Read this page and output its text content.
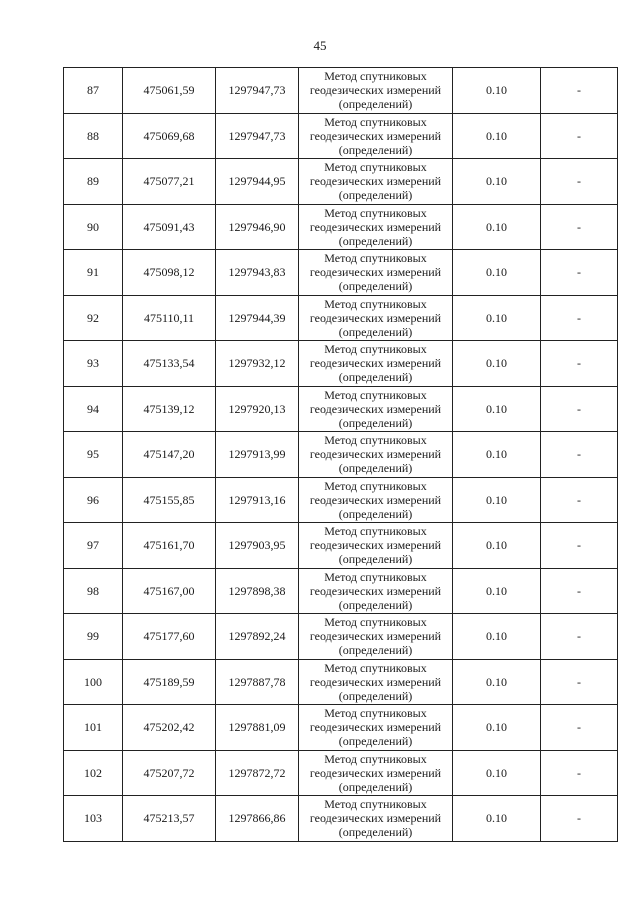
45
87	475061,59	1297947,73	Метод спутниковых
геодезических измерений
(определений)	0.10	-
88	475069,68	1297947,73	Метод спутниковых
геодезических измерений
(определений)	0.10	-
89	475077,21	1297944,95	Метод спутниковых
геодезических измерений
(определений)	0.10	-
90	475091,43	1297946,90	Метод спутниковых
геодезических измерений
(определений)	0.10	-
91	475098,12	1297943,83	Метод спутниковых
геодезических измерений
(определений)	0.10	-
92	475110,11	1297944,39	Метод спутниковых
геодезических измерений
(определений)	0.10	-
93	475133,54	1297932,12	Метод спутниковых
геодезических измерений
(определений)	0.10	-
94	475139,12	1297920,13	Метод спутниковых
геодезических измерений
(определений)	0.10	-
95	475147,20	1297913,99	Метод спутниковых
геодезических измерений
(определений)	0.10	-
96	475155,85	1297913,16	Метод спутниковых
геодезических измерений
(определений)	0.10	-
97	475161,70	1297903,95	Метод спутниковых
геодезических измерений
(определений)	0.10	-
98	475167,00	1297898,38	Метод спутниковых
геодезических измерений
(определений)	0.10	-
99	475177,60	1297892,24	Метод спутниковых
геодезических измерений
(определений)	0.10	-
100	475189,59	1297887,78	Метод спутниковых
геодезических измерений
(определений)	0.10	-
101	475202,42	1297881,09	Метод спутниковых
геодезических измерений
(определений)	0.10	-
102	475207,72	1297872,72	Метод спутниковых
геодезических измерений
(определений)	0.10	-
103	475213,57	1297866,86	Метод спутниковых
геодезических измерений
(определений)	0.10	-
